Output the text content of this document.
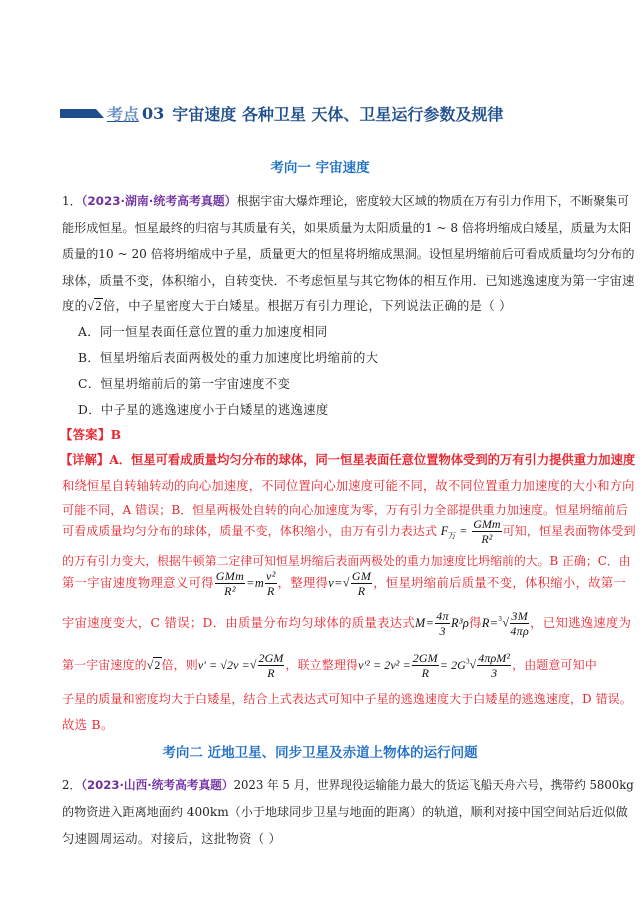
考点 03 宇宙速度 各种卫星 天体、卫星运行参数及规律
考向一 宇宙速度
1．（2023·湖南·统考高考真题）根据宇宙大爆炸理论，密度较大区域的物质在万有引力作用下，不断聚集可
能形成恒星。恒星最终的归宿与其质量有关，如果质量为太阳质量的1 ~ 8 倍将坍缩成白矮星，质量为太阳
质量的10 ~ 20 倍将坍缩成中子星，质量更大的恒星将坍缩成黑洞。设恒星坍缩前后可看成质量均匀分布的
球体，质量不变，体积缩小，自转变快．不考虑恒星与其它物体的相互作用．已知逃逸速度为第一宇宙速
度的√2倍，中子星密度大于白矮星。根据万有引力理论，下列说法正确的是（ ）
A．同一恒星表面任意位置的重力加速度相同
B．恒星坍缩后表面两极处的重力加速度比坍缩前的大
C．恒星坍缩前后的第一宇宙速度不变
D．中子星的逃逸速度小于白矮星的逃逸速度
【答案】B
【详解】A．恒星可看成质量均匀分布的球体，同一恒星表面任意位置物体受到的万有引力提供重力加速度
和绕恒星自转轴转动的向心加速度，不同位置向心加速度可能不同，故不同位置重力加速度的大小和方向
可能不同，A 错误；B．恒星两极处自转的向心加速度为零，万有引力全部提供重力加速度。恒星坍缩前后
可看成质量均匀分布的球体，质量不变，体积缩小，由万有引力表达式 $F_万 = \frac{\text{GMm}}{\text{R²}}$ 可知，恒星表面物体受到
的万有引力变大，根据牛顿第二定律可知恒星坍缩后表面两极处的重力加速度比坍缩前的大。B 正确；C．由
第一宇宙速度物理意义可得 $\frac{\text{GMm}}{\text{R²}} =m \frac{\text{v²}}{R}$ ，整理得$v=√ \frac{GM}{R}$ ，恒星坍缩前后质量不变，体积缩小，故第一
宇宙速度变大，C 错误；D．由质量分布均匀球体的质量表达式$M= \frac{4\pi}{3} R^3\rho$得$R=^3√ \frac{3M}{4\pi\rho}$ ，已知逃逸速度为
第一宇宙速度的√2倍，则v' = √2v =√ $\frac{2GM}{R}$ ，联立整理得$v'^2 = 2v^2 = \frac{2GM}{R} = 2G^3√ \frac{\text{4πρM²}}{3}$ ，由题意可知中
子星的质量和密度均大于白矮星，结合上式表达式可知中子星的逃逸速度大于白矮星的逃逸速度，D 错误。
故选 B。
考向二 近地卫星、同步卫星及赤道上物体的运行问题
2．（2023·山西·统考高考真题）2023 年 5 月，世界现役运输能力最大的货运飞船天舟六号，携带约 5800kg
的物资进入距离地面约 400km（小于地球同步卫星与地面的距离）的轨道，顺利对接中国空间站后近似做
匀速圆周运动。对接后，这批物资（ ）
